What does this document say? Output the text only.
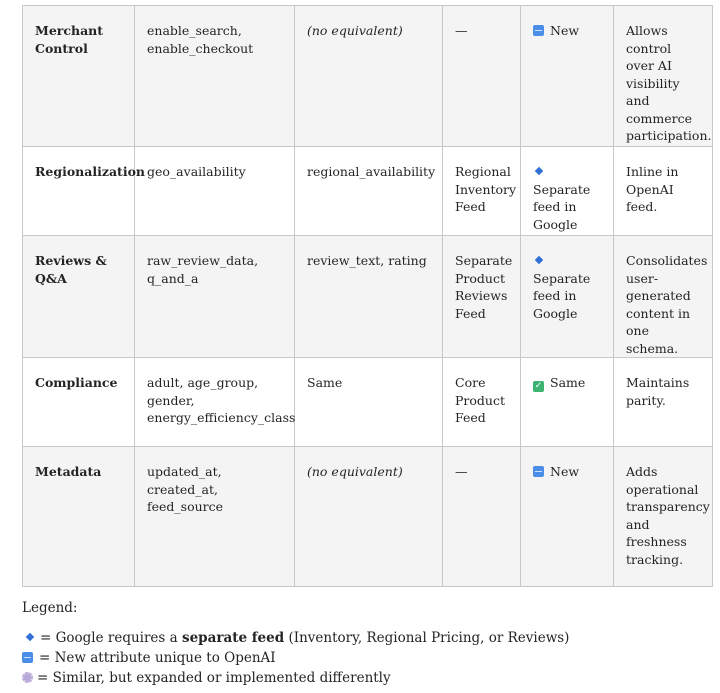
Merchant Control	enable_search, enable_checkout	(no equivalent)	—	New	Allows control over AI visibility and commerce participation.
Regionalization	geo_availability	regional_availability	Regional Inventory Feed	Separate feed in Google	Inline in OpenAI feed.
Reviews & Q&A	raw_review_data, q_and_a	review_text, rating	Separate Product Reviews Feed	Separate feed in Google	Consolidates user-generated content in one schema.
Compliance	adult, age_group, gender, energy_efficiency_class	Same	Core Product Feed	✓ Same	Maintains parity.
Metadata	updated_at, created_at, feed_source	(no equivalent)	—	New	Adds operational transparency and freshness tracking.
Legend:
= Google requires a separate feed (Inventory, Regional Pricing, or Reviews)
= New attribute unique to OpenAI
= Similar, but expanded or implemented differently
